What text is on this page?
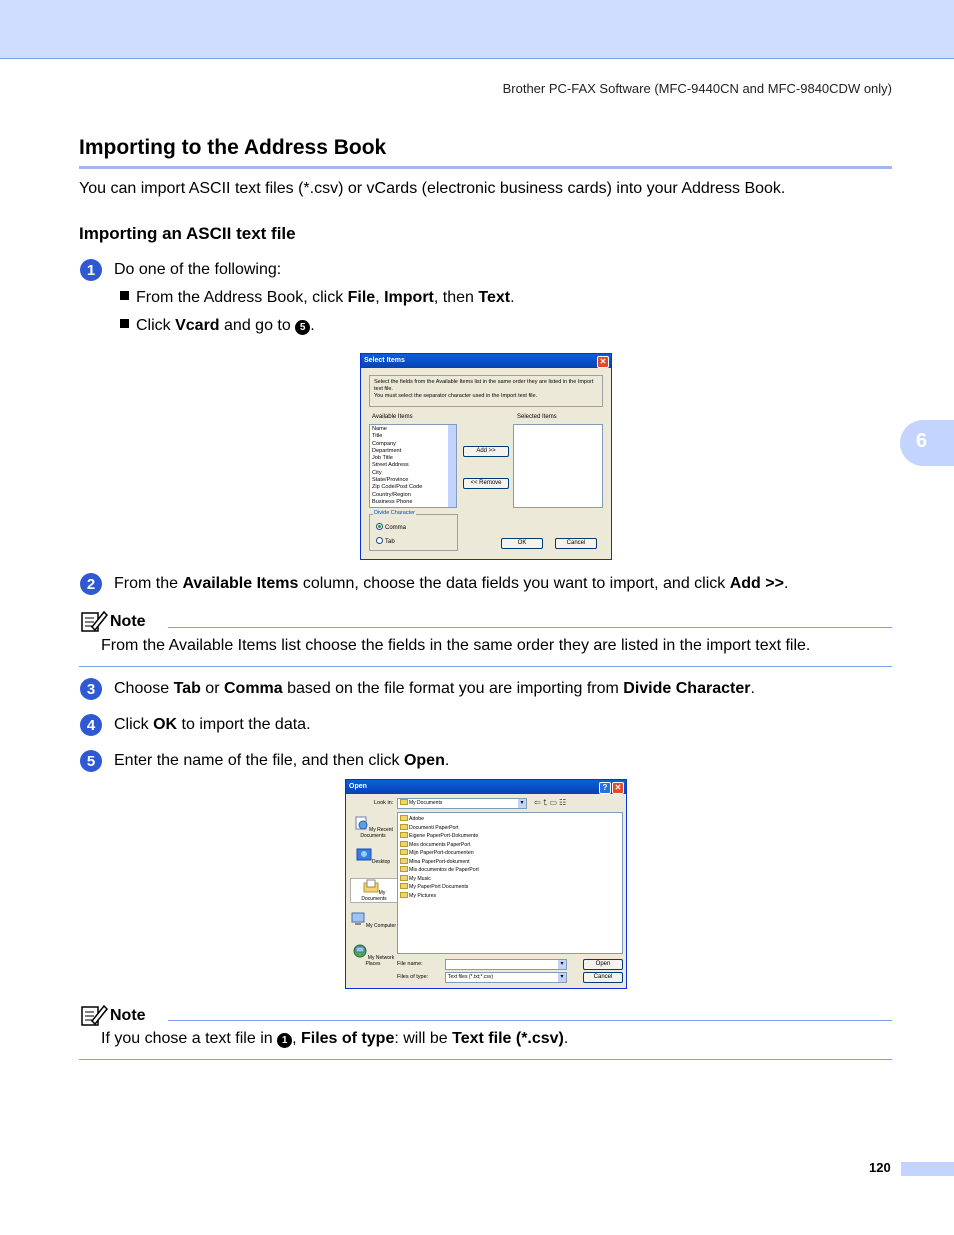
Brother PC-FAX Software (MFC-9440CN and MFC-9840CDW only)
Importing to the Address Book
You can import ASCII text files (*.csv) or vCards (electronic business cards) into your Address Book.
Importing an ASCII text file
6
1	Do one of the following:
From the Address Book, click File, Import, then Text.
Click Vcard and go to 5 .
Select Items	✕
Select the fields from the Available Items list in the same order they are listed in the Import text file.
You must select the separator character used in the Import text file.
Available Items	Selected Items
Name
Title
Company
Department
Job Title
Street Address
City
State/Province
Zip Code/Post Code
Country/Region
Business Phone
Add >>
<< Remove
Divide Character
Comma
Tab	OK	Cancel
2	From the Available Items column, choose the data fields you want to import, and click Add >>.
Note
From the Available Items list choose the fields in the same order they are listed in the import text file.
3	Choose Tab or Comma based on the file format you are importing from Divide Character.
4	Click OK to import the data.
5	Enter the name of the file, and then click Open.
Open	? ✕
Look in:	My Documents ▾	⇦⮤▭☷
My Recent Documents
Desktop
My Documents
My Computer
My Network Places
Adobe
Documenti PaperPort
Eigene PaperPort-Dokumente
Mes documents PaperPort
Mijn PaperPort-documenten
Mina PaperPort-dokument
Mis documentos de PaperPort
My Music
My PaperPort Documents
My Pictures
File name:
▾
Files of type:	Text files (*.txt;*.csv) ▾
Open
Cancel
Note
If you chose a text file in 1 , Files of type: will be Text file (*.csv).
120
